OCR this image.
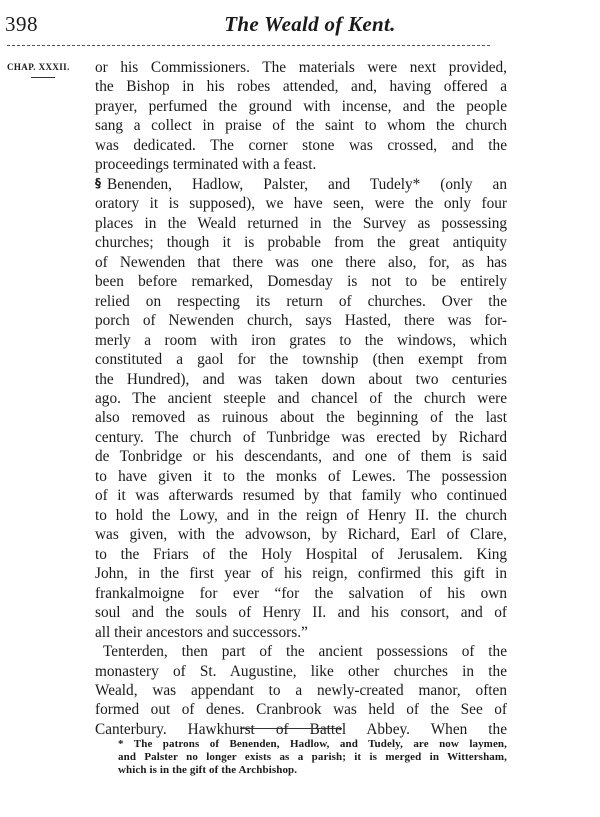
398	The Weald of Kent.
CHAP. XXXII. or his Commissioners. The materials were next provided,
the Bishop in his robes attended, and, having offered a
prayer, perfumed the ground with incense, and the people
sang a collect in praise of the saint to whom the church
was dedicated. The corner stone was crossed, and the
proceedings terminated with a feast.
§ Benenden, Hadlow, Palster, and Tudely* (only an
oratory it is supposed), we have seen, were the only four
places in the Weald returned in the Survey as possessing
churches; though it is probable from the great antiquity
of Newenden that there was one there also, for, as has
been before remarked, Domesday is not to be entirely
relied on respecting its return of churches. Over the
porch of Newenden church, says Hasted, there was for-
merly a room with iron grates to the windows, which
constituted a gaol for the township (then exempt from
the Hundred), and was taken down about two centuries
ago. The ancient steeple and chancel of the church were
also removed as ruinous about the beginning of the last
century. The church of Tunbridge was erected by Richard
de Tonbridge or his descendants, and one of them is said
to have given it to the monks of Lewes. The possession
of it was afterwards resumed by that family who continued
to hold the Lowy, and in the reign of Henry II. the church
was given, with the advowson, by Richard, Earl of Clare,
to the Friars of the Holy Hospital of Jerusalem. King
John, in the first year of his reign, confirmed this gift in
frankalmoigne for ever “for the salvation of his own
soul and the souls of Henry II. and his consort, and of
all their ancestors and successors.”
Tenterden, then part of the ancient possessions of the
monastery of St. Augustine, like other churches in the
Weald, was appendant to a newly-created manor, often
formed out of denes. Cranbrook was held of the See of
Canterbury. Hawkhurst of Battel Abbey. When the
* The patrons of Benenden, Hadlow, and Tudely, are now laymen,
and Palster no longer exists as a parish; it is merged in Wittersham,
which is in the gift of the Archbishop.
